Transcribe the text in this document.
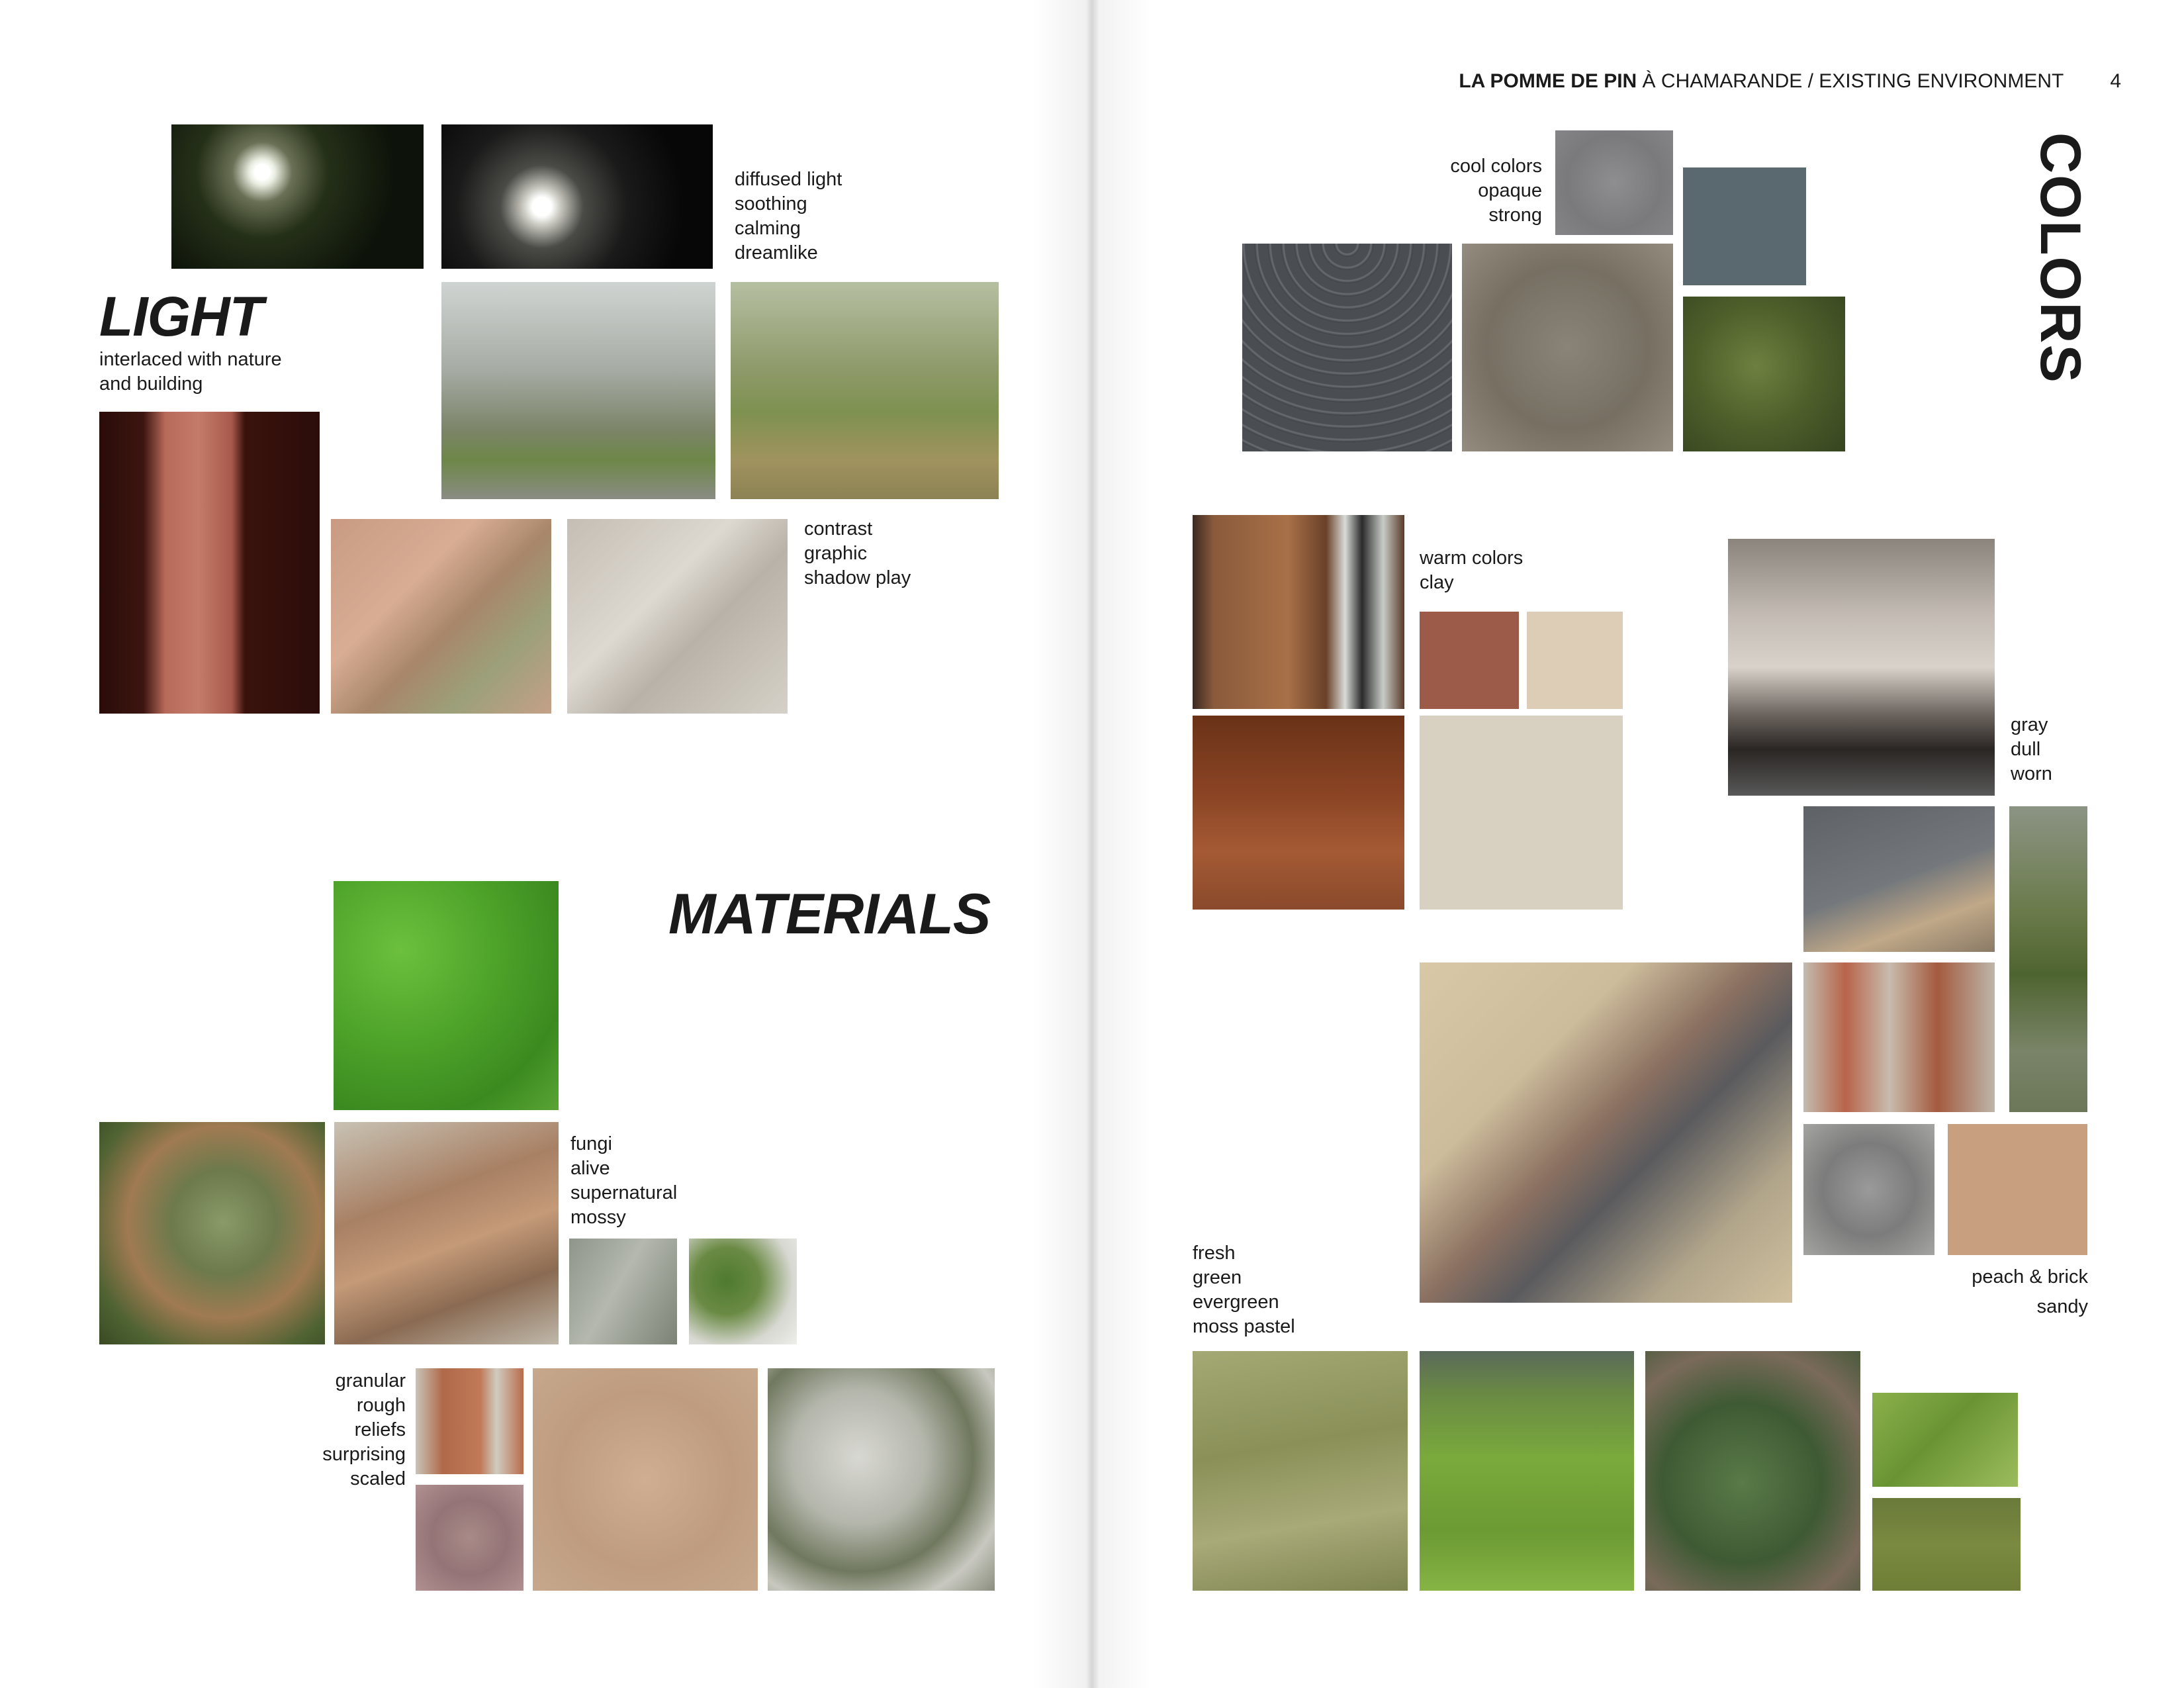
diffused light
soothing
calming
dreamlike
LIGHT
interlaced with nature
and building
contrast
graphic
shadow play
MATERIALS
fungi
alive
supernatural
mossy
granular
rough
reliefs
surprising
scaled
LA POMME DE PIN À CHAMARANDE / EXISTING ENVIRONMENT 4
COLORS
cool colors
opaque
strong
warm colors
clay
gray
dull
worn
peach & brick
sandy
fresh
green
evergreen
moss pastel
